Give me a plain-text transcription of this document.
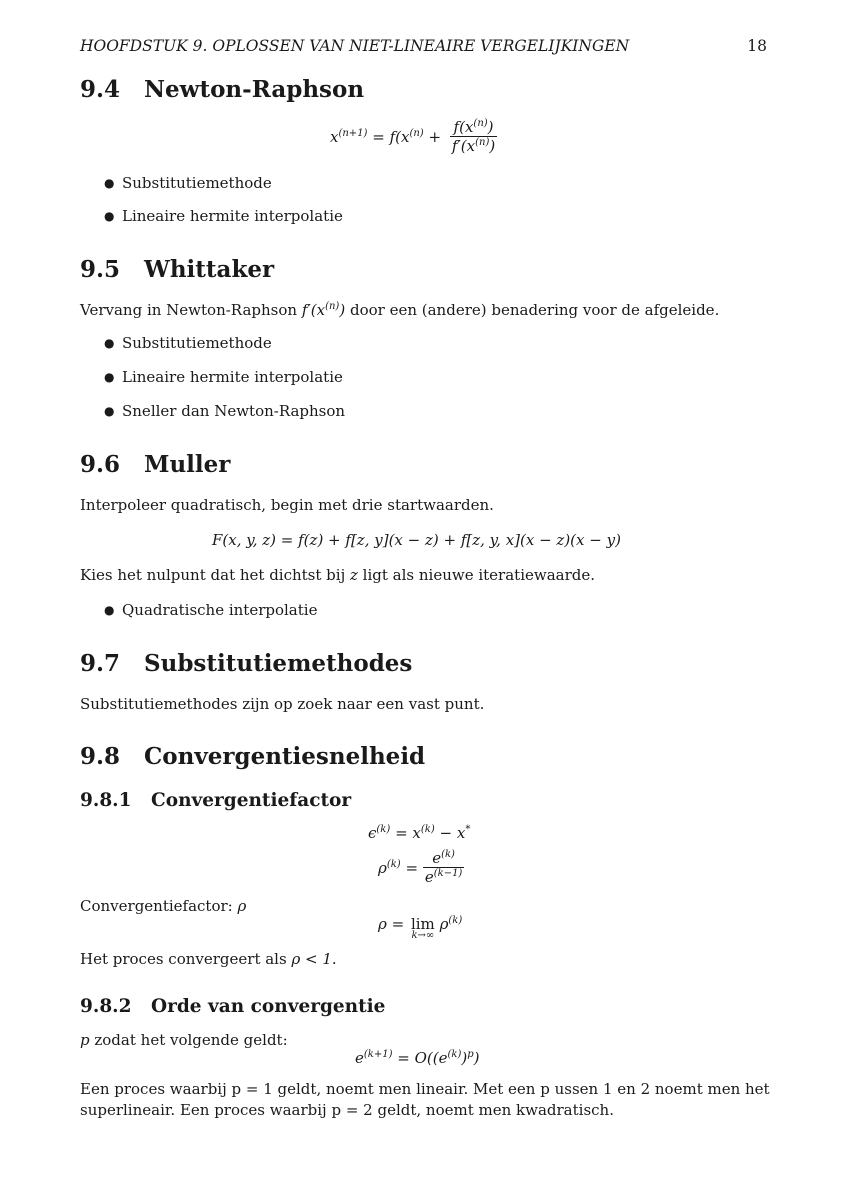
HOOFDSTUK 9. OPLOSSEN VAN NIET-LINEAIRE VERGELIJKINGEN	18
9.4 Newton-Raphson
$x^{(n+1)} = f(x^{(n)} + \frac{f(x^{(n)})}{f'(x^{(n)})}$
● Substitutiemethode
● Lineaire hermite interpolatie
9.5 Whittaker
Vervang in Newton-Raphson $f'(x^{(n)})$ door een (andere) benadering voor de afgeleide.
● Substitutiemethode
● Lineaire hermite interpolatie
● Sneller dan Newton-Raphson
9.6 Muller
Interpoleer quadratisch, begin met drie startwaarden.
F(x, y, z) = f(z) + f[z, y](x − z) + f[z, y, x](x − z)(x − y)
Kies het nulpunt dat het dichtst bij z ligt als nieuwe iteratiewaarde.
● Quadratische interpolatie
9.7 Substitutiemethodes
Substitutiemethodes zijn op zoek naar een vast punt.
9.8 Convergentiesnelheid
9.8.1 Convergentiefactor
$\epsilon^{(k)} = x^{(k)} - x^*$
$\rho^{(k)} = \frac{e^{(k)}}{e^{(k-1)}}$
Convergentiefactor: ρ
ρ = lim
k→∞
$\rho^{(k)}$
Het proces convergeert als ρ < 1.
9.8.2 Orde van convergentie
p zodat het volgende geldt:
$e^{(k+1)} = O((e^{(k)})^p)$
Een proces waarbij p = 1 geldt, noemt men lineair. Met een p ussen 1 en 2 noemt men het
superlineair. Een proces waarbij p = 2 geldt, noemt men kwadratisch.
